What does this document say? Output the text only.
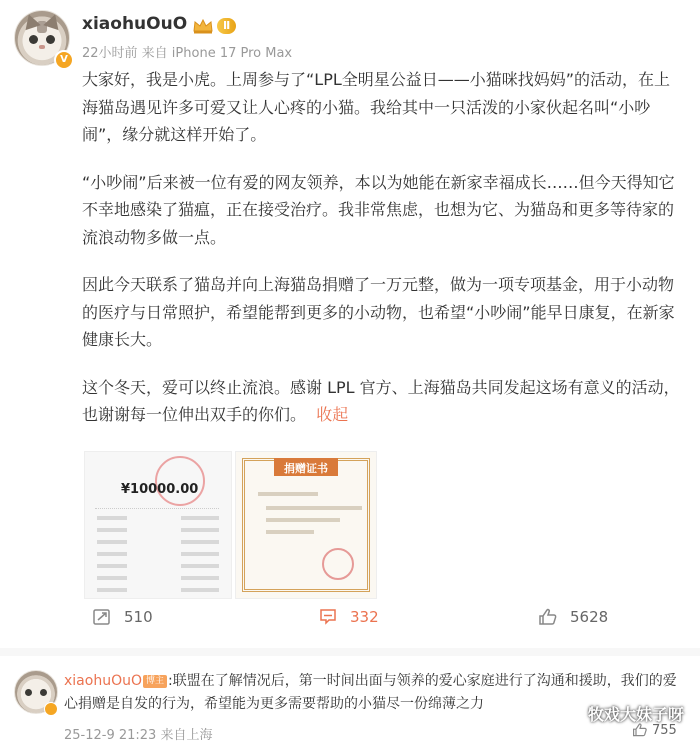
V
xiaohuOuO	Ⅱ
22小时前 来自 iPhone 17 Pro Max

大家好，我是小虎。上周参与了“LPL全明星公益日——小猫咪找妈妈”的活动，在上海猫岛遇见许多可爱又让人心疼的小猫。我给其中一只活泼的小家伙起名叫“小吵闹”，缘分就这样开始了。

“小吵闹”后来被一位有爱的网友领养，本以为她能在新家幸福成长……但今天得知它不幸地感染了猫瘟，正在接受治疗。我非常焦虑，也想为它、为猫岛和更多等待家的流浪动物多做一点。

因此今天联系了猫岛并向上海猫岛捐赠了一万元整，做为一项专项基金，用于小动物的医疗与日常照护，希望能帮到更多的小动物，也希望“小吵闹”能早日康复，在新家健康长大。

这个冬天，爱可以终止流浪。感谢 LPL 官方、上海猫岛共同发起这场有意义的活动，也谢谢每一位伸出双手的你们。 收起

¥10000.00
捐赠证书
510	332	5628
xiaohuOuO 博主 :联盟在了解情况后，第一时间出面与领养的爱心家庭进行了沟通和援助，我们的爱心捐赠是自发的行为，希望能为更多需要帮助的小猫尽一份绵薄之力
25-12-9 21:23 来自上海	755
牧戏大妹子呀
